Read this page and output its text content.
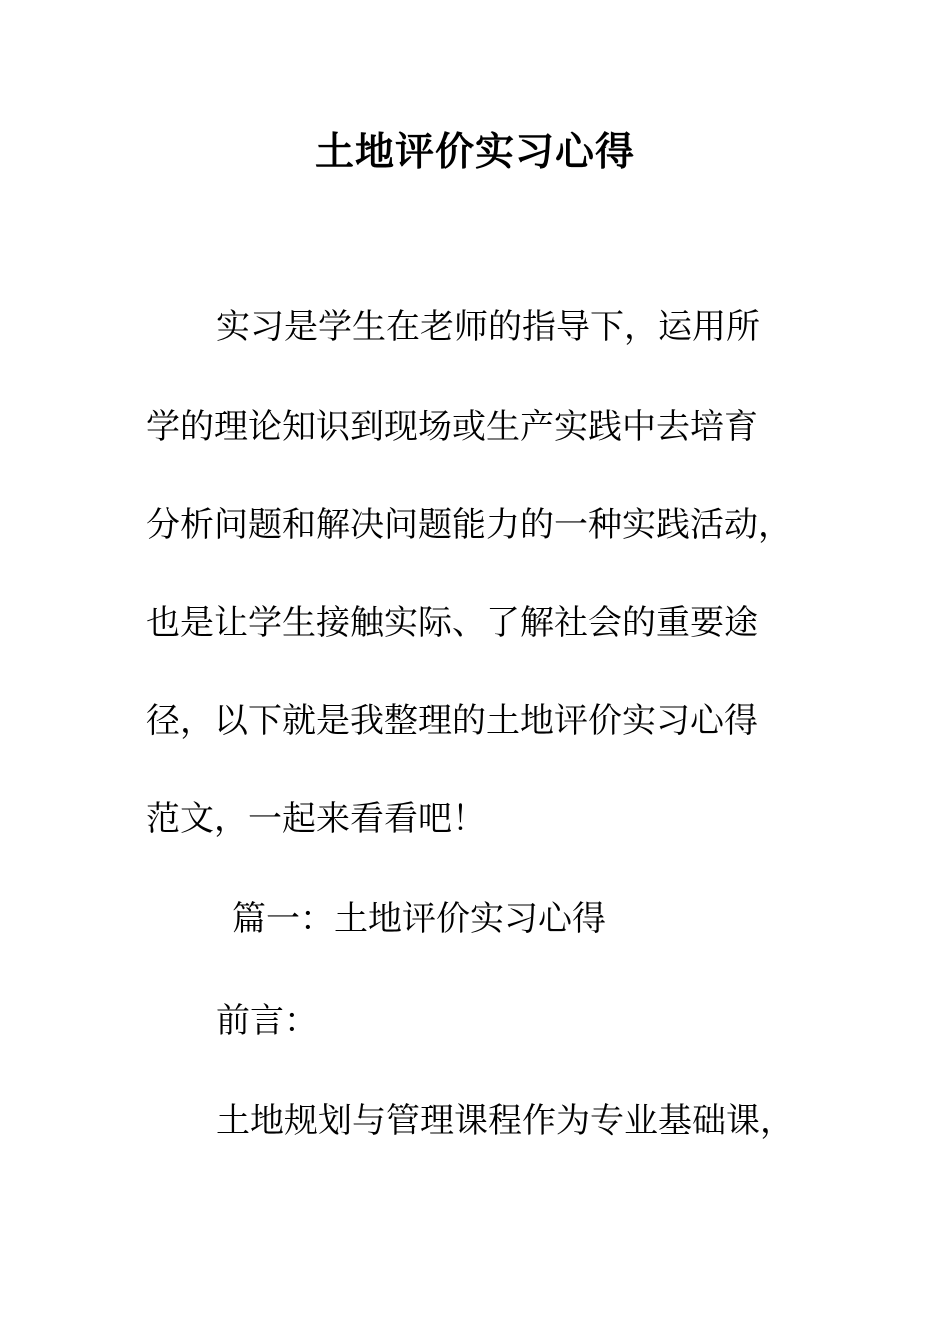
土地评价实习心得
实习是学生在老师的指导下，运用所
学的理论知识到现场或生产实践中去培育
分析问题和解决问题能力的一种实践活动，
也是让学生接触实际、了解社会的重要途
径，以下就是我整理的土地评价实习心得
范文，一起来看看吧！
篇一：土地评价实习心得
前言：
土地规划与管理课程作为专业基础课，
